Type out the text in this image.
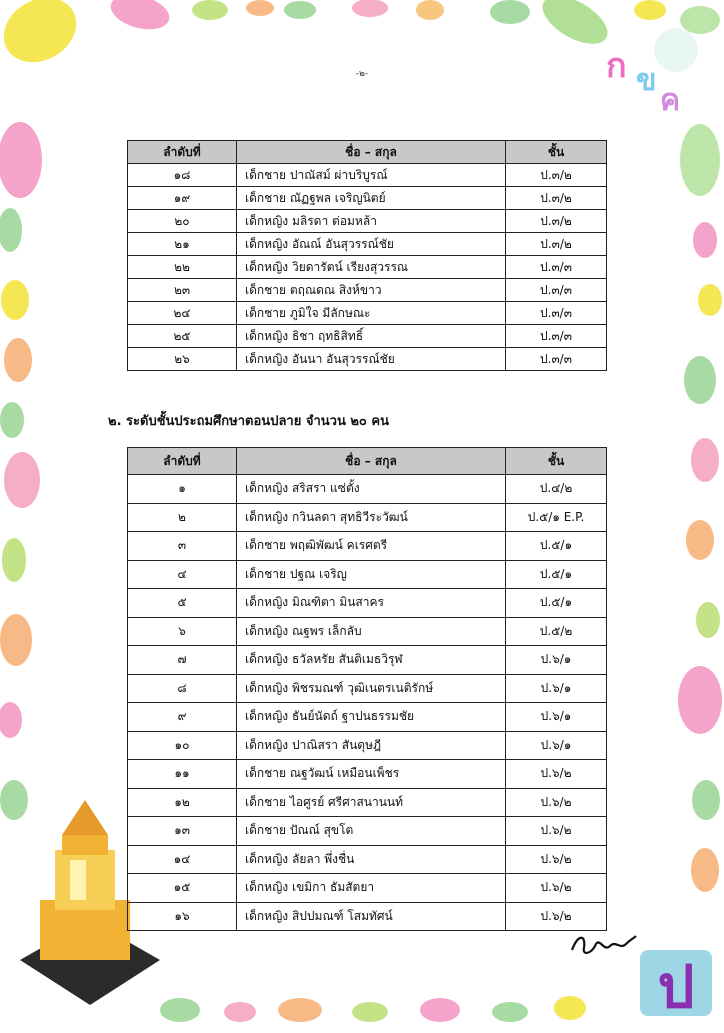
-๒-	ก ข
ค
ป
ลำดับที่	ชื่อ – สกุล	ชั้น
๑๘	เด็กชาย ปาณัสม์ ผ่าบริบูรณ์	ป.๓/๒
๑๙	เด็กชาย ณัฏฐพล เจริญนิตย์	ป.๓/๒
๒๐	เด็กหญิง มลิรดา ต่อมหล้า	ป.๓/๒
๒๑	เด็กหญิง อัณณ์ อันสุวรรณ์ชัย	ป.๓/๒
๒๒	เด็กหญิง วิยดารัตน์ เรียงสุวรรณ	ป.๓/๓
๒๓	เด็กชาย ตฤณดณ สิงห์ขาว	ป.๓/๓
๒๔	เด็กชาย ภูมิใจ มีลักษณะ	ป.๓/๓
๒๕	เด็กหญิง ธิชา ฤทธิสิทธิ์	ป.๓/๓
๒๖	เด็กหญิง อันนา อันสุวรรณ์ชัย	ป.๓/๓
๒. ระดับชั้นประถมศึกษาตอนปลาย จำนวน ๒๐ คน
ลำดับที่	ชื่อ – สกุล	ชั้น
๑	เด็กหญิง สริสรา แซ่ตั้ง	ป.๔/๒
๒	เด็กหญิง กวินลดา สุทธิวีระวัฒน์	ป.๕/๑ E.P.
๓	เด็กชาย พฤฒิพัฒน์ คเรศตรี	ป.๕/๑
๔	เด็กชาย ปฐณ เจริญ	ป.๕/๑
๕	เด็กหญิง มิณฑิตา มินสาคร	ป.๕/๑
๖	เด็กหญิง ณฐพร เล็กลับ	ป.๕/๒
๗	เด็กหญิง ธวัลหรัย สันติเมธวิรุฬ	ป.๖/๑
๘	เด็กหญิง พิชรมณฑ์ วุฒิเนตรเนติรักษ์	ป.๖/๑
๙	เด็กหญิง ธันย์นัดถ์ ฐาปนธรรมชัย	ป.๖/๑
๑๐	เด็กหญิง ปาณิสรา สันดุษฎี	ป.๖/๑
๑๑	เด็กชาย ณฐวัฒน์ เหมือนเพ็ชร	ป.๖/๒
๑๒	เด็กชาย ไอศูรย์ ศรีศาสนานนท์	ป.๖/๒
๑๓	เด็กชาย ปัณณ์ สุขโต	ป.๖/๒
๑๔	เด็กหญิง ลัยลา พึ่งชื่น	ป.๖/๒
๑๕	เด็กหญิง เขมิกา ธัมสัตยา	ป.๖/๒
๑๖	เด็กหญิง สิปปมณฑ์ โสมทัศน์	ป.๖/๒
